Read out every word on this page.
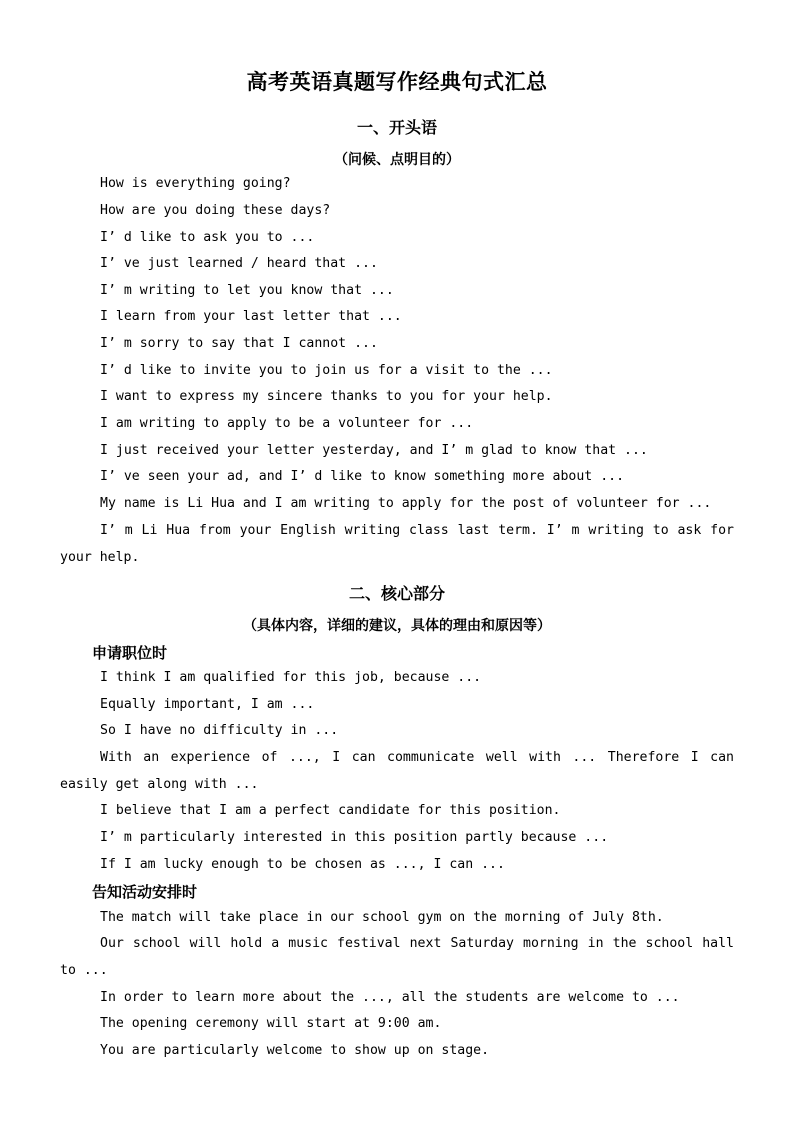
高考英语真题写作经典句式汇总
一、开头语
（问候、点明目的）
How is everything going?
How are you doing these days?
I’ d like to ask you to ...
I’ ve just learned / heard that ...
I’ m writing to let you know that ...
I learn from your last letter that ...
I’ m sorry to say that I cannot ...
I’ d like to invite you to join us for a visit to the ...
I want to express my sincere thanks to you for your help.
I am writing to apply to be a volunteer for ...
I just received your letter yesterday, and I’ m glad to know that ...
I’ ve seen your ad, and I’ d like to know something more about ...
My name is Li Hua and I am writing to apply for the post of volunteer for ...
I’ m Li Hua from your English writing class last term. I’ m writing to ask for your help.
二、核心部分
（具体内容，详细的建议，具体的理由和原因等）
申请职位时
I think I am qualified for this job, because ...
Equally important, I am ...
So I have no difficulty in ...
With an experience of ..., I can communicate well with ... Therefore I can easily get along with ...
I believe that I am a perfect candidate for this position.
I’ m particularly interested in this position partly because ...
If I am lucky enough to be chosen as ..., I can ...
告知活动安排时
The match will take place in our school gym on the morning of July 8th.
Our school will hold a music festival next Saturday morning in the school hall to ...
In order to learn more about the ..., all the students are welcome to ...
The opening ceremony will start at 9:00 am.
You are particularly welcome to show up on stage.
